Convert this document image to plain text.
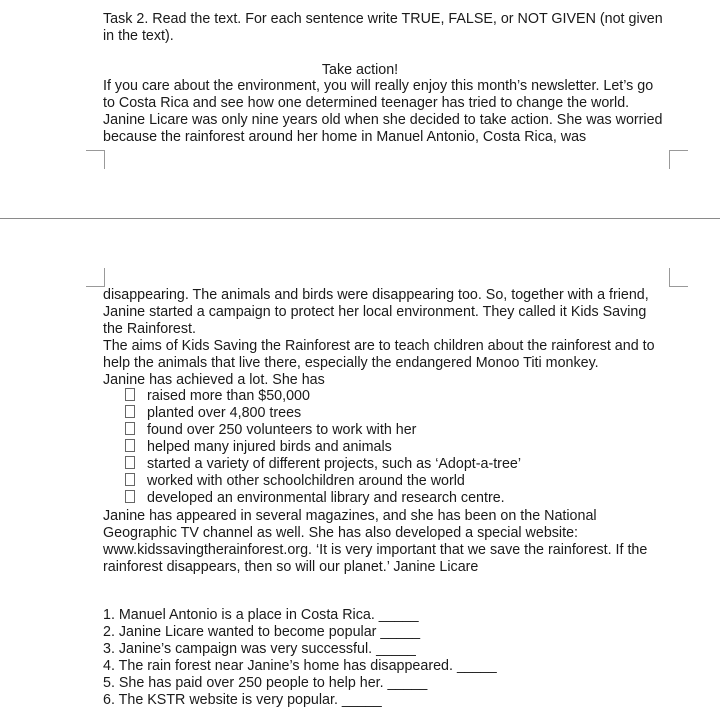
Task 2. Read the text. For each sentence write TRUE, FALSE, or NOT GIVEN (not given
in the text).
Take action!
If you care about the environment, you will really enjoy this month’s newsletter. Let’s go
to Costa Rica and see how one determined teenager has tried to change the world.
Janine Licare was only nine years old when she decided to take action. She was worried
because the rainforest around her home in Manuel Antonio, Costa Rica, was
disappearing. The animals and birds were disappearing too. So, together with a friend,
Janine started a campaign to protect her local environment. They called it Kids Saving
the Rainforest.
The aims of Kids Saving the Rainforest are to teach children about the rainforest and to
help the animals that live there, especially the endangered Monoo Titi monkey.
Janine has achieved a lot. She has
raised more than $50,000
planted over 4,800 trees
found over 250 volunteers to work with her
helped many injured birds and animals
started a variety of different projects, such as ‘Adopt-a-tree’
worked with other schoolchildren around the world
developed an environmental library and research centre.
Janine has appeared in several magazines, and she has been on the National
Geographic TV channel as well. She has also developed a special website:
www.kidssavingtherainforest.org. ‘It is very important that we save the rainforest. If the
rainforest disappears, then so will our planet.’ Janine Licare
1. Manuel Antonio is a place in Costa Rica. _____
2. Janine Licare wanted to become popular _____
3. Janine’s campaign was very successful. _____
4. The rain forest near Janine’s home has disappeared. _____
5. She has paid over 250 people to help her. _____
6. The KSTR website is very popular. _____
